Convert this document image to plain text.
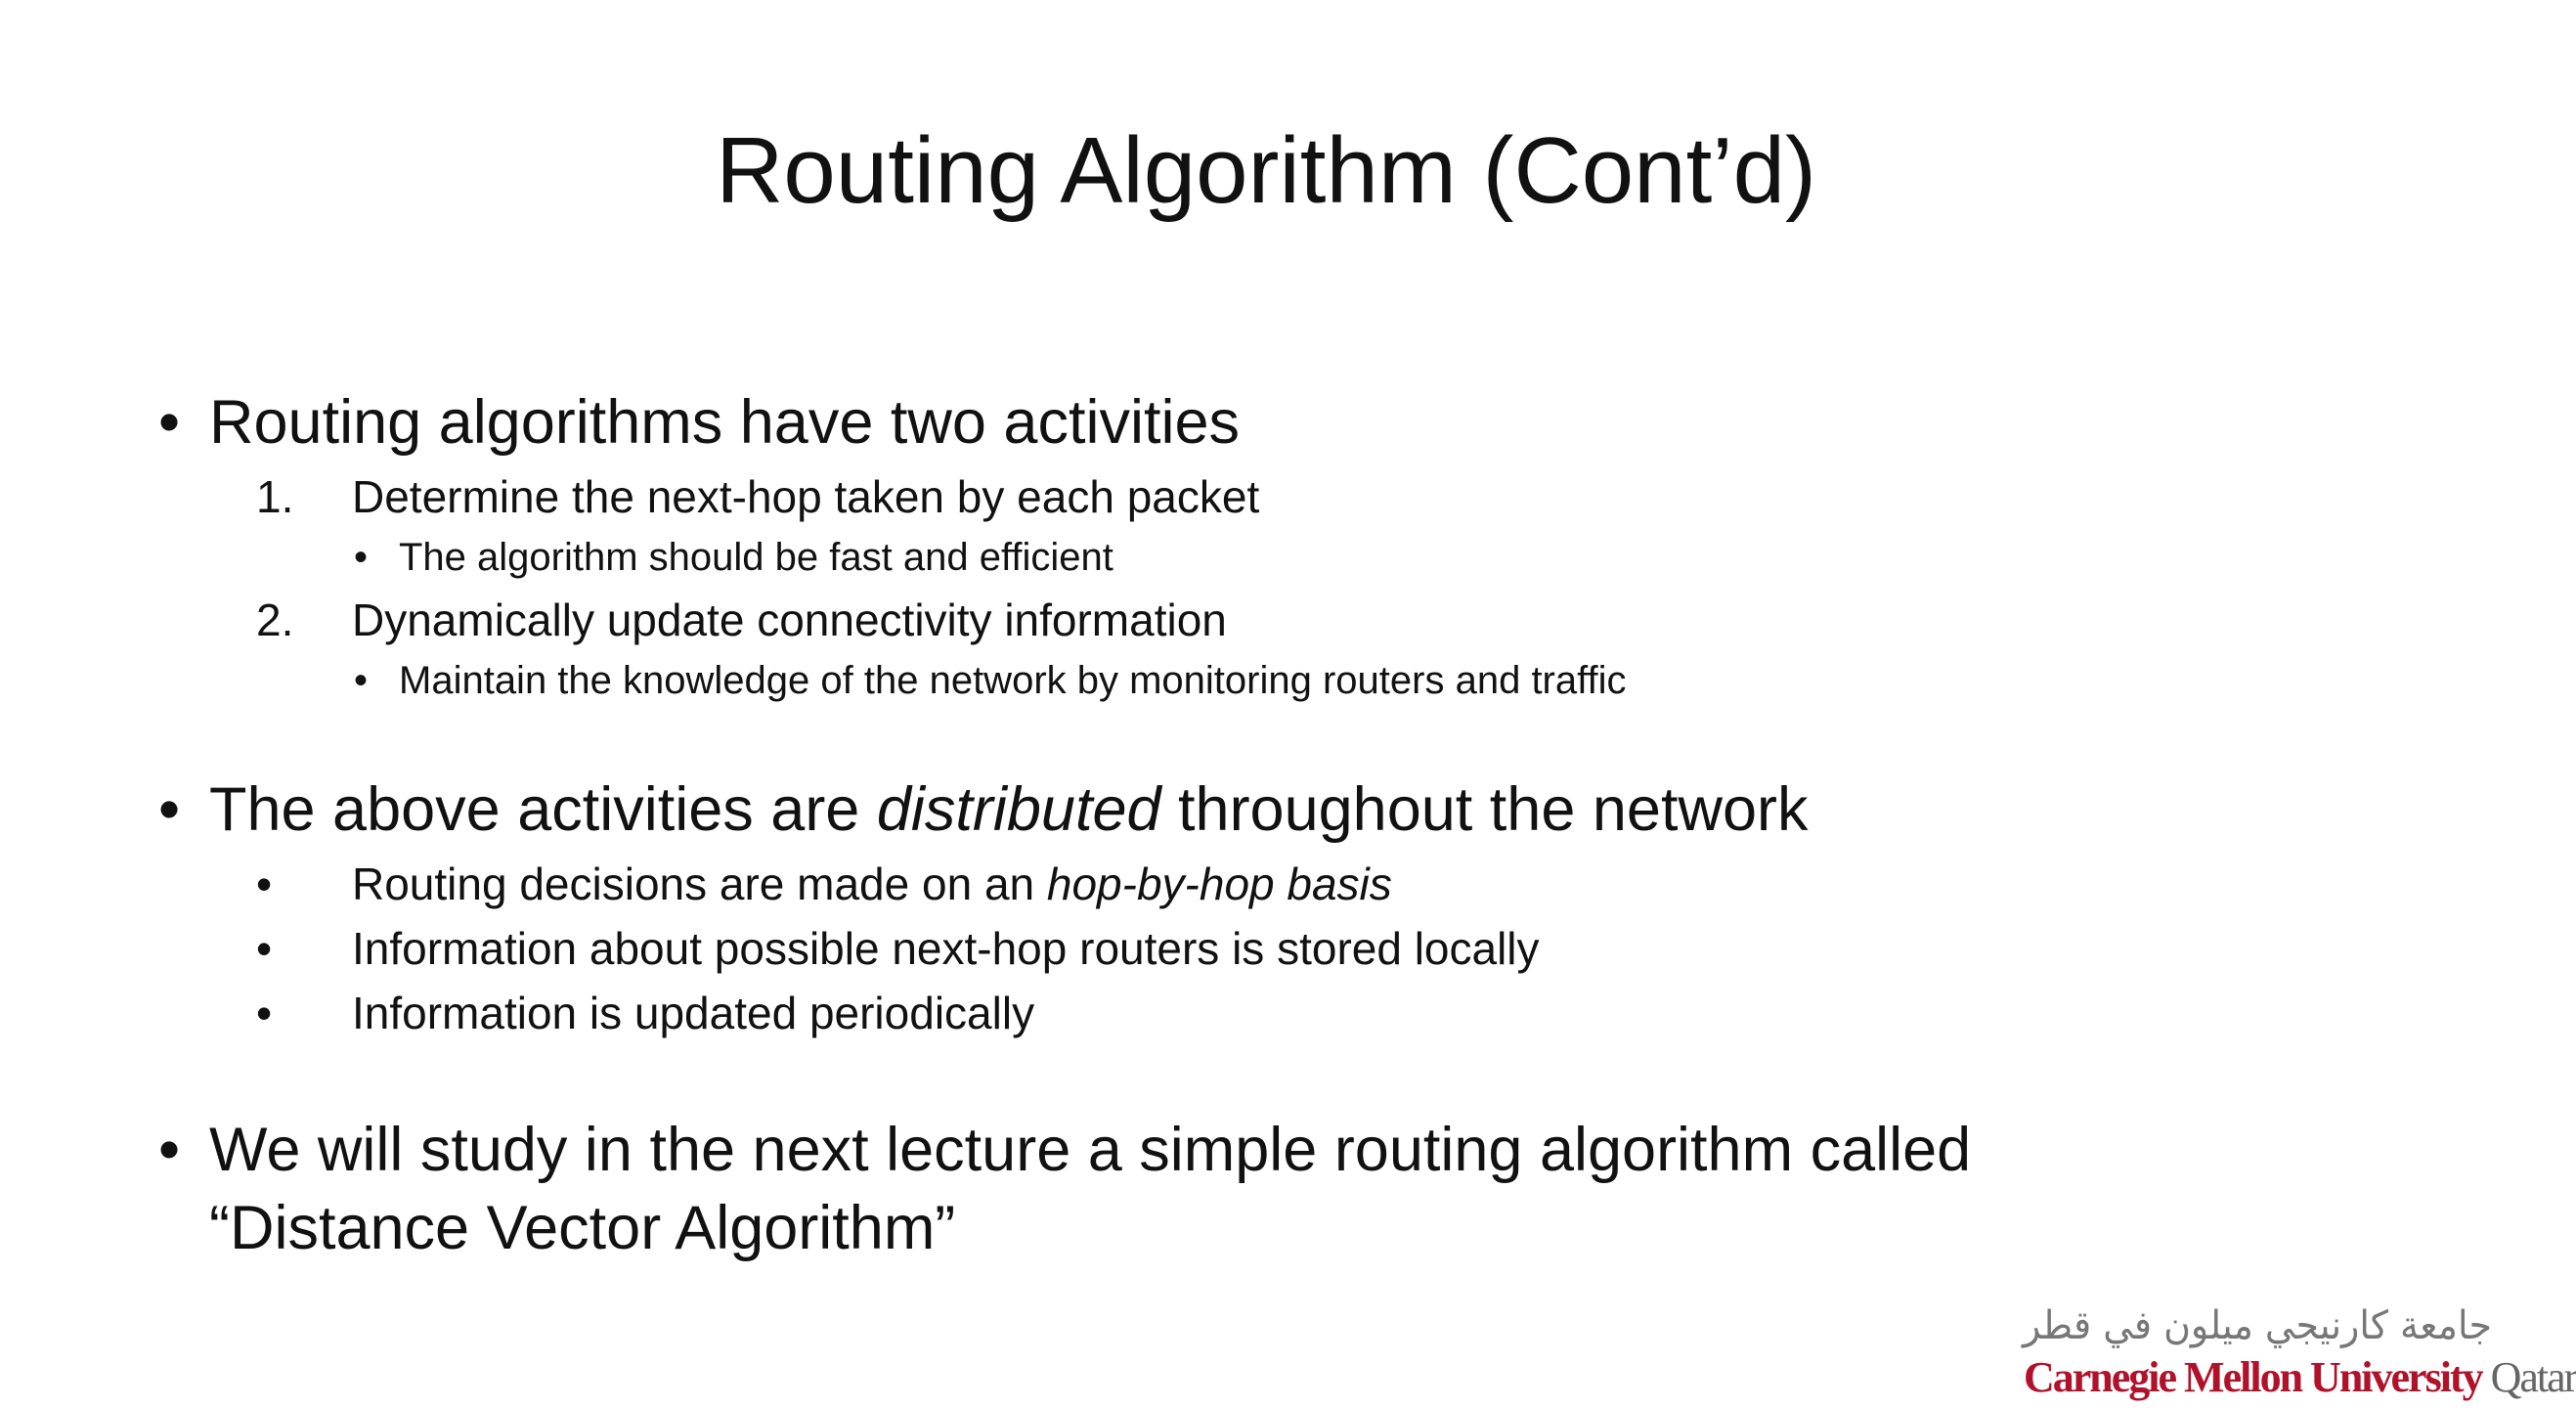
Routing Algorithm (Cont’d)
• Routing algorithms have two activities
1. Determine the next-hop taken by each packet
• The algorithm should be fast and efficient
2. Dynamically update connectivity information
• Maintain the knowledge of the network by monitoring routers and traffic
• The above activities are distributed throughout the network
• Routing decisions are made on an hop-by-hop basis
• Information about possible next-hop routers is stored locally
• Information is updated periodically
• We will study in the next lecture a simple routing algorithm called
“Distance Vector Algorithm”
جامعة كارنيجي ميلون في قطر
Carnegie Mellon University Qatar
